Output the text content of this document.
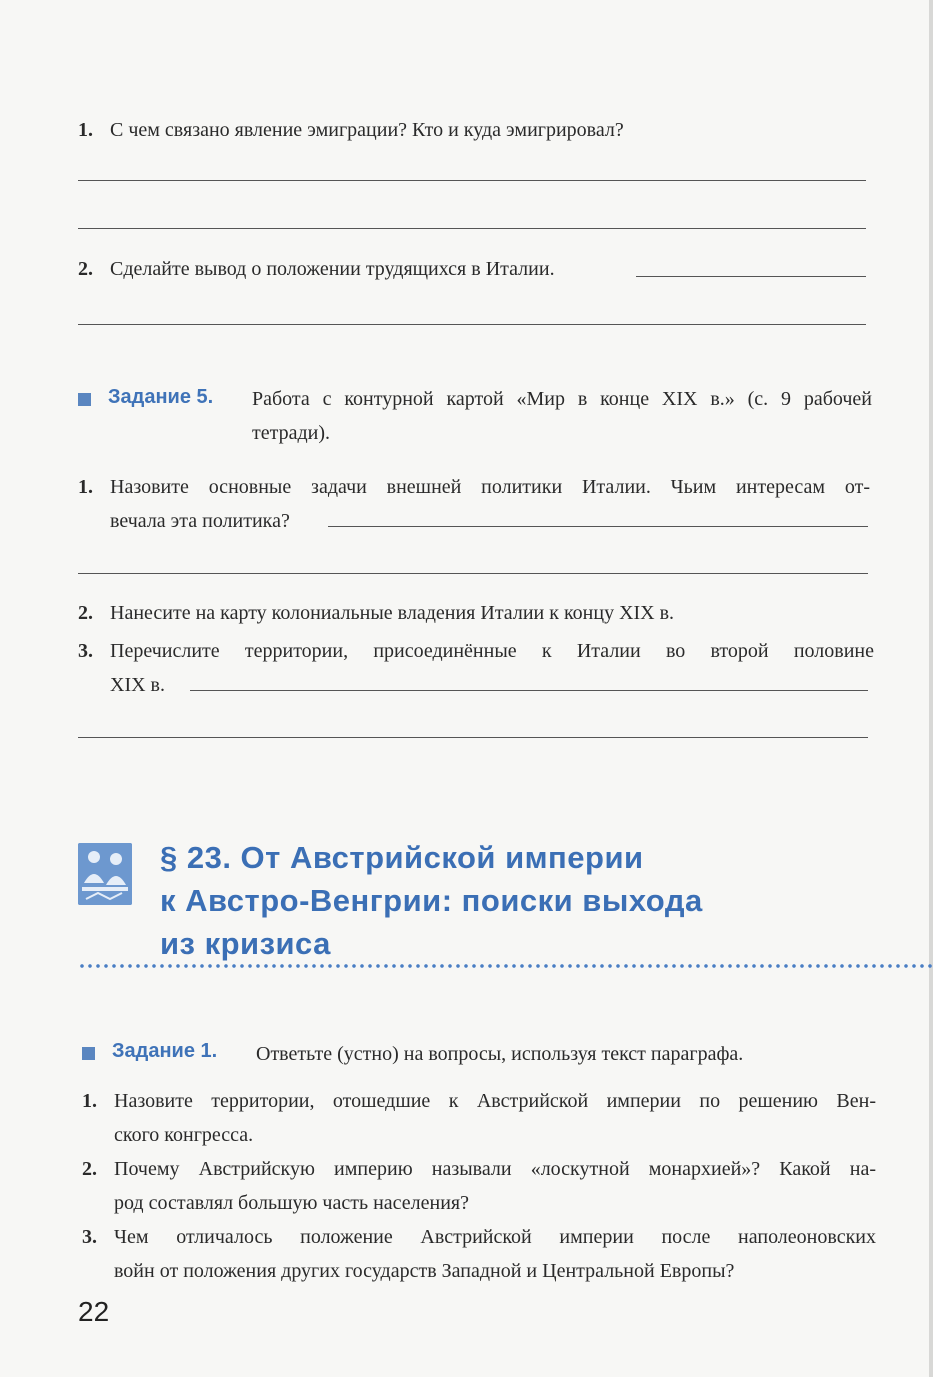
1. С чем связано явление эмиграции? Кто и куда эмигрировал?
2. Сделайте вывод о положении трудящихся в Италии.
Задание 5. Работа с контурной картой «Мир в конце XIX в.» (с. 9 рабочей
тетради).
1. Назовите основные задачи внешней политики Италии. Чьим интересам от-
вечала эта политика?
2. Нанесите на карту колониальные владения Италии к концу XIX в.
3. Перечислите территории, присоединённые к Италии во второй половине
XIX в.
§ 23. От Австрийской империи
к Австро-Венгрии: поиски выхода
из кризиса
Задание 1. Ответьте (устно) на вопросы, используя текст параграфа.
1. Назовите территории, отошедшие к Австрийской империи по решению Вен-
ского конгресса.
2. Почему Австрийскую империю называли «лоскутной монархией»? Какой на-
род составлял большую часть населения?
3. Чем отличалось положение Австрийской империи после наполеоновских
войн от положения других государств Западной и Центральной Европы?
22
